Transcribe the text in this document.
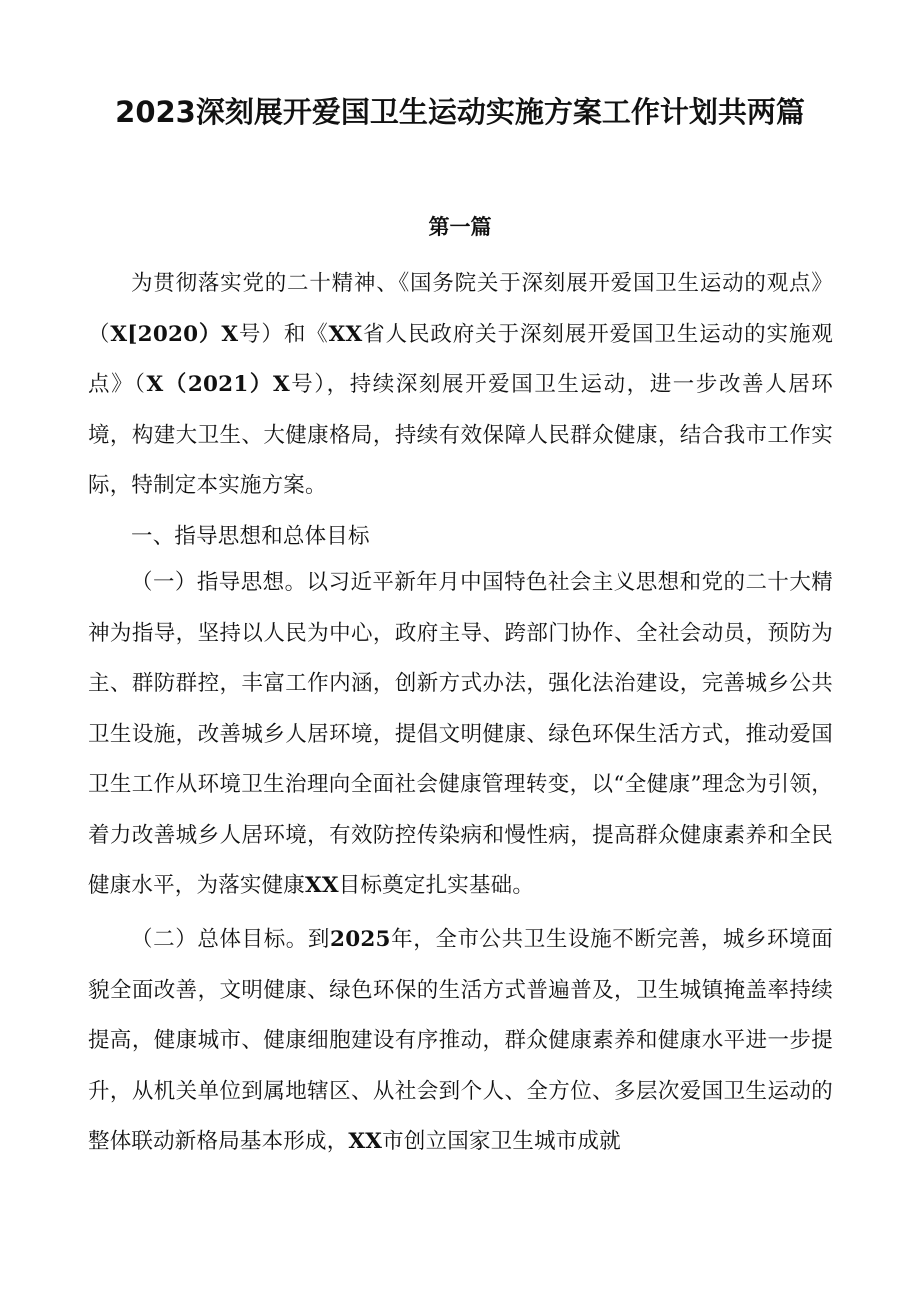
2023深刻展开爱国卫生运动实施方案工作计划共两篇
第一篇

为贯彻落实党的二十精神、《国务院关于深刻展开爱国卫生运动的观点》（X[2020）X号）和《XX省人民政府关于深刻展开爱国卫生运动的实施观点》（X（2021）X号），持续深刻展开爱国卫生运动，进一步改善人居环境，构建大卫生、大健康格局，持续有效保障人民群众健康，结合我市工作实际，特制定本实施方案。

一、指导思想和总体目标

（一）指导思想。以习近平新年月中国特色社会主义思想和党的二十大精神为指导，坚持以人民为中心，政府主导、跨部门协作、全社会动员，预防为主、群防群控，丰富工作内涵，创新方式办法，强化法治建设，完善城乡公共卫生设施，改善城乡人居环境，提倡文明健康、绿色环保生活方式，推动爱国卫生工作从环境卫生治理向全面社会健康管理转变，以“全健康”理念为引领，着力改善城乡人居环境，有效防控传染病和慢性病，提高群众健康素养和全民健康水平，为落实健康XX目标奠定扎实基础。

（二）总体目标。到2025年，全市公共卫生设施不断完善，城乡环境面貌全面改善，文明健康、绿色环保的生活方式普遍普及，卫生城镇掩盖率持续提高，健康城市、健康细胞建设有序推动，群众健康素养和健康水平进一步提升，从机关单位到属地辖区、从社会到个人、全方位、多层次爱国卫生运动的整体联动新格局基本形成，XX市创立国家卫生城市成就
